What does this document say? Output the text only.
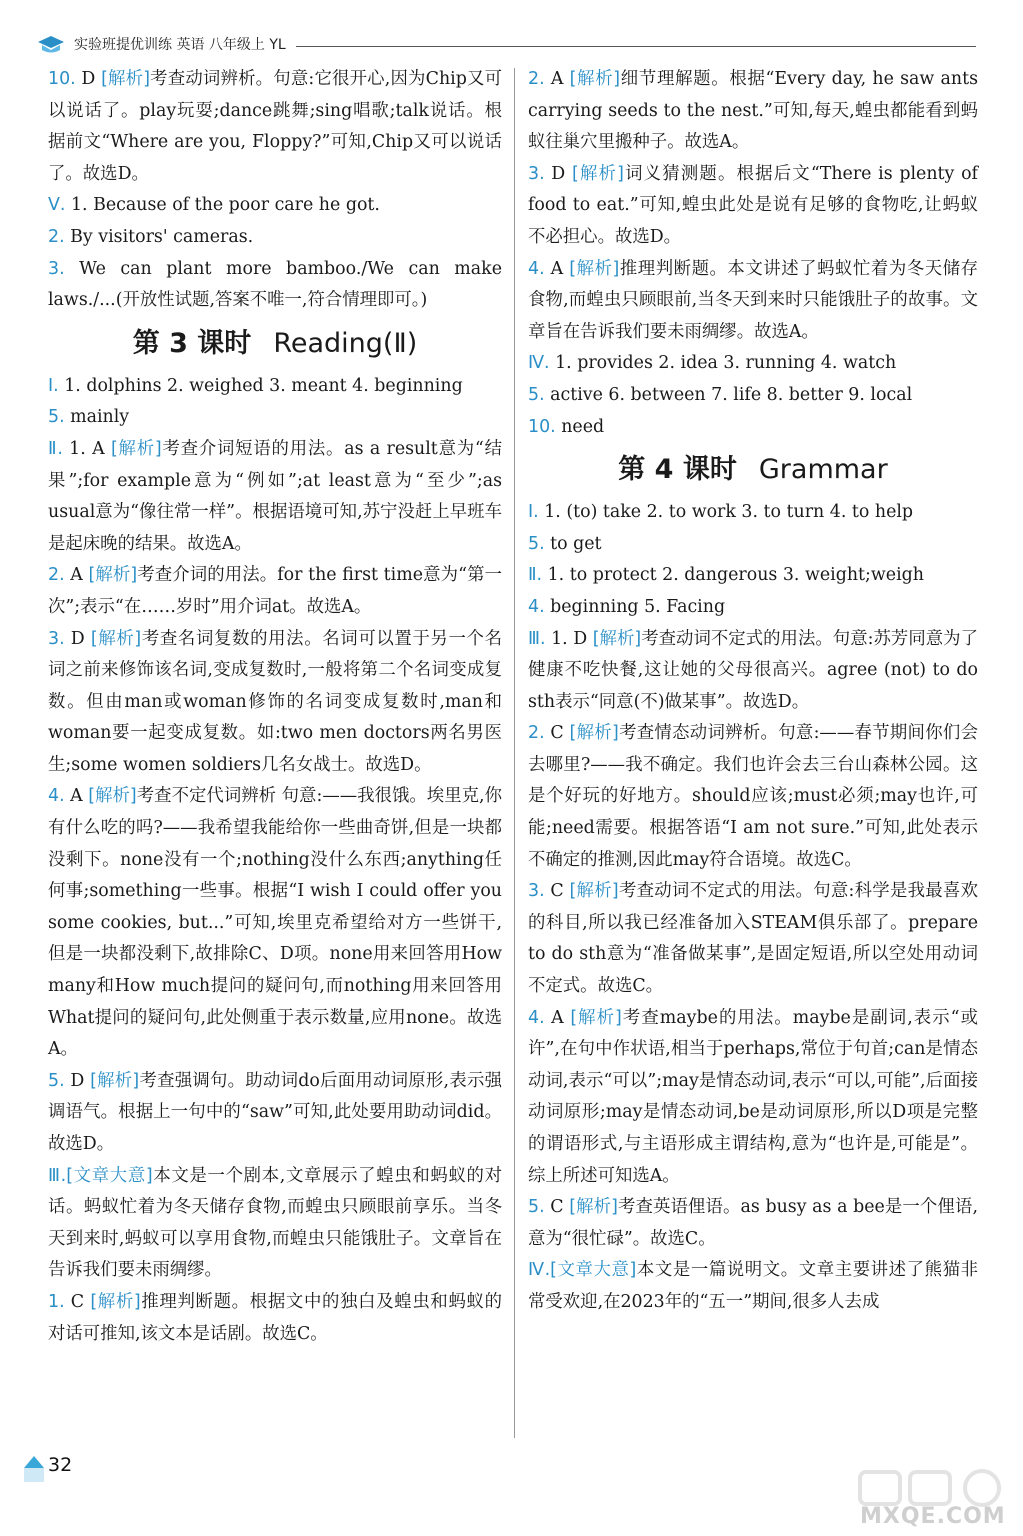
实验班提优训练 英语 八年级上 YL

10. D [解析]考查动词辨析。句意:它很开心,因为Chip又可以说话了。play玩耍;dance跳舞;sing唱歌;talk说话。根据前文“Where are you, Floppy?”可知,Chip又可以说话了。故选D。

Ⅴ. 1. Because of the poor care he got.

2. By visitors' cameras.

3. We can plant more bamboo./We can make laws./...(开放性试题,答案不唯一,符合情理即可。)

第 3 课时 Reading(Ⅱ)

Ⅰ. 1. dolphins 2. weighed 3. meant 4. beginning

5. mainly

Ⅱ. 1. A [解析]考查介词短语的用法。as a result意为“结果”;for example意为“例如”;at least意为“至少”;as usual意为“像往常一样”。根据语境可知,苏宁没赶上早班车是起床晚的结果。故选A。

2. A [解析]考查介词的用法。for the first time意为“第一次”;表示“在……岁时”用介词at。故选A。

3. D [解析]考查名词复数的用法。名词可以置于另一个名词之前来修饰该名词,变成复数时,一般将第二个名词变成复数。但由man或woman修饰的名词变成复数时,man和woman要一起变成复数。如:two men doctors两名男医生;some women soldiers几名女战士。故选D。

4. A [解析]考查不定代词辨析 句意:——我很饿。埃里克,你有什么吃的吗?——我希望我能给你一些曲奇饼,但是一块都没剩下。none没有一个;nothing没什么东西;anything任何事;something一些事。根据“I wish I could offer you some cookies, but...”可知,埃里克希望给对方一些饼干,但是一块都没剩下,故排除C、D项。none用来回答用How many和How much提问的疑问句,而nothing用来回答用What提问的疑问句,此处侧重于表示数量,应用none。故选A。

5. D [解析]考查强调句。助动词do后面用动词原形,表示强调语气。根据上一句中的“saw”可知,此处要用助动词did。故选D。

Ⅲ.[文章大意]本文是一个剧本,文章展示了蝗虫和蚂蚁的对话。蚂蚁忙着为冬天储存食物,而蝗虫只顾眼前享乐。当冬天到来时,蚂蚁可以享用食物,而蝗虫只能饿肚子。文章旨在告诉我们要未雨绸缪。

1. C [解析]推理判断题。根据文中的独白及蝗虫和蚂蚁的对话可推知,该文本是话剧。故选C。

2. A [解析]细节理解题。根据“Every day, he saw ants carrying seeds to the nest.”可知,每天,蝗虫都能看到蚂蚁往巢穴里搬种子。故选A。

3. D [解析]词义猜测题。根据后文“There is plenty of food to eat.”可知,蝗虫此处是说有足够的食物吃,让蚂蚁不必担心。故选D。

4. A [解析]推理判断题。本文讲述了蚂蚁忙着为冬天储存食物,而蝗虫只顾眼前,当冬天到来时只能饿肚子的故事。文章旨在告诉我们要未雨绸缪。故选A。

Ⅳ. 1. provides 2. idea 3. running 4. watch

5. active 6. between 7. life 8. better 9. local

10. need

第 4 课时 Grammar

Ⅰ. 1. (to) take 2. to work 3. to turn 4. to help

5. to get

Ⅱ. 1. to protect 2. dangerous 3. weight;weigh

4. beginning 5. Facing

Ⅲ. 1. D [解析]考查动词不定式的用法。句意:苏芳同意为了健康不吃快餐,这让她的父母很高兴。agree (not) to do sth表示“同意(不)做某事”。故选D。

2. C [解析]考查情态动词辨析。句意:——春节期间你们会去哪里?——我不确定。我们也许会去三台山森林公园。这是个好玩的好地方。should应该;must必须;may也许,可能;need需要。根据答语“I am not sure.”可知,此处表示不确定的推测,因此may符合语境。故选C。

3. C [解析]考查动词不定式的用法。句意:科学是我最喜欢的科目,所以我已经准备加入STEAM俱乐部了。prepare to do sth意为“准备做某事”,是固定短语,所以空处用动词不定式。故选C。

4. A [解析]考查maybe的用法。maybe是副词,表示“或许”,在句中作状语,相当于perhaps,常位于句首;can是情态动词,表示“可以”;may是情态动词,表示“可以,可能”,后面接动词原形;may是情态动词,be是动词原形,所以D项是完整的谓语形式,与主语形成主谓结构,意为“也许是,可能是”。综上所述可知选A。

5. C [解析]考查英语俚语。as busy as a bee是一个俚语,意为“很忙碌”。故选C。

Ⅳ.[文章大意]本文是一篇说明文。文章主要讲述了熊猫非常受欢迎,在2023年的“五一”期间,很多人去成

32
MXQE.COM
